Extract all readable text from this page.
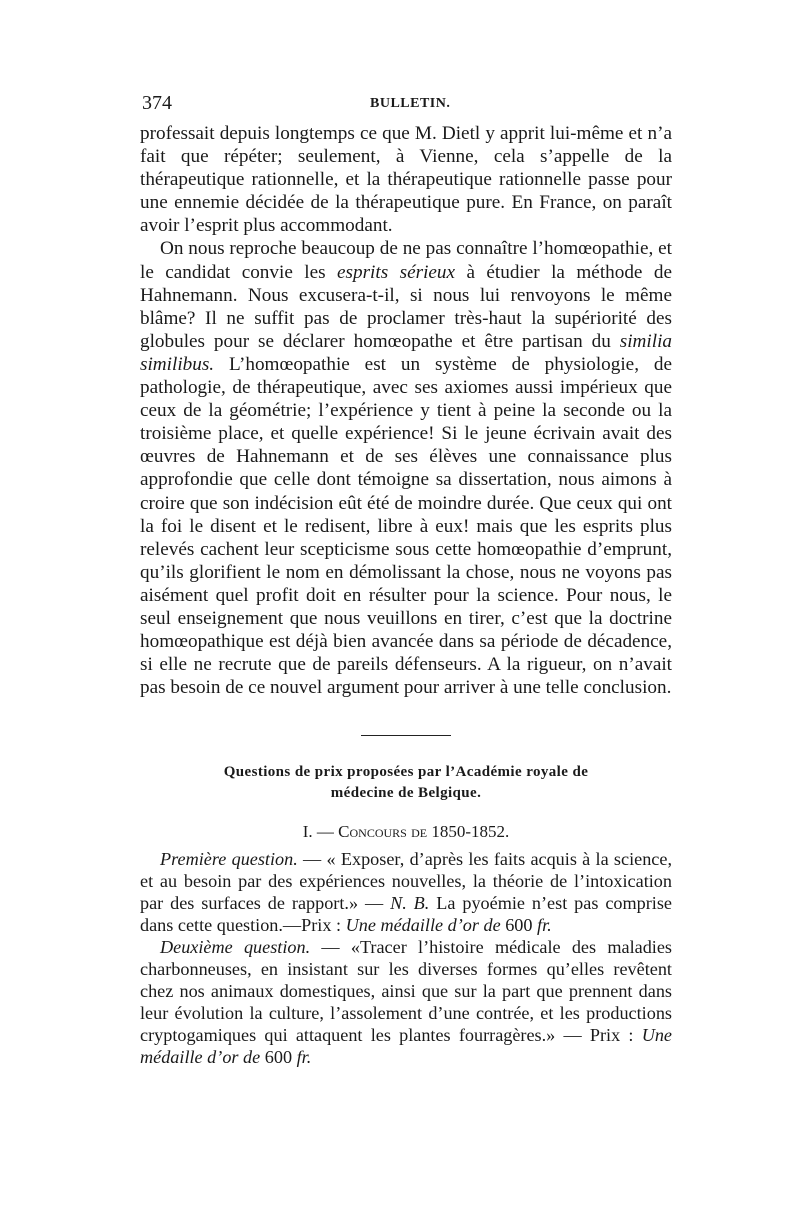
374	BULLETIN.

professait depuis longtemps ce que M. Dietl y apprit lui-même et n’a fait que répéter; seulement, à Vienne, cela s’appelle de la thérapeutique rationnelle, et la thérapeutique rationnelle passe pour une ennemie décidée de la thérapeutique pure. En France, on paraît avoir l’esprit plus accommodant.

On nous reproche beaucoup de ne pas connaître l’homœopathie, et le candidat convie les esprits sérieux à étudier la méthode de Hahnemann. Nous excusera-t-il, si nous lui renvoyons le même blâme? Il ne suffit pas de proclamer très-haut la supériorité des globules pour se déclarer homœopathe et être partisan du similia similibus. L’homœopathie est un système de physiologie, de pathologie, de thérapeutique, avec ses axiomes aussi impérieux que ceux de la géométrie; l’expérience y tient à peine la seconde ou la troisième place, et quelle expérience! Si le jeune écrivain avait des œuvres de Hahnemann et de ses élèves une connaissance plus approfondie que celle dont témoigne sa dissertation, nous aimons à croire que son indécision eût été de moindre durée. Que ceux qui ont la foi le disent et le redisent, libre à eux! mais que les esprits plus relevés cachent leur scepticisme sous cette homœopathie d’emprunt, qu’ils glorifient le nom en démolissant la chose, nous ne voyons pas aisément quel profit doit en résulter pour la science. Pour nous, le seul enseignement que nous veuillons en tirer, c’est que la doctrine homœopathique est déjà bien avancée dans sa période de décadence, si elle ne recrute que de pareils défenseurs. A la rigueur, on n’avait pas besoin de ce nouvel argument pour arriver à une telle conclusion.

Questions de prix proposées par l’Académie royale de
médecine de Belgique.
I. — Concours de 1850-1852.

Première question. — « Exposer, d’après les faits acquis à la science, et au besoin par des expériences nouvelles, la théorie de l’intoxication par des surfaces de rapport.» — N. B. La pyoémie n’est pas comprise dans cette question.—Prix : Une médaille d’or de 600 fr.

Deuxième question. — «Tracer l’histoire médicale des maladies charbonneuses, en insistant sur les diverses formes qu’elles revêtent chez nos animaux domestiques, ainsi que sur la part que prennent dans leur évolution la culture, l’assolement d’une contrée, et les productions cryptogamiques qui attaquent les plantes fourragères.» — Prix : Une médaille d’or de 600 fr.
